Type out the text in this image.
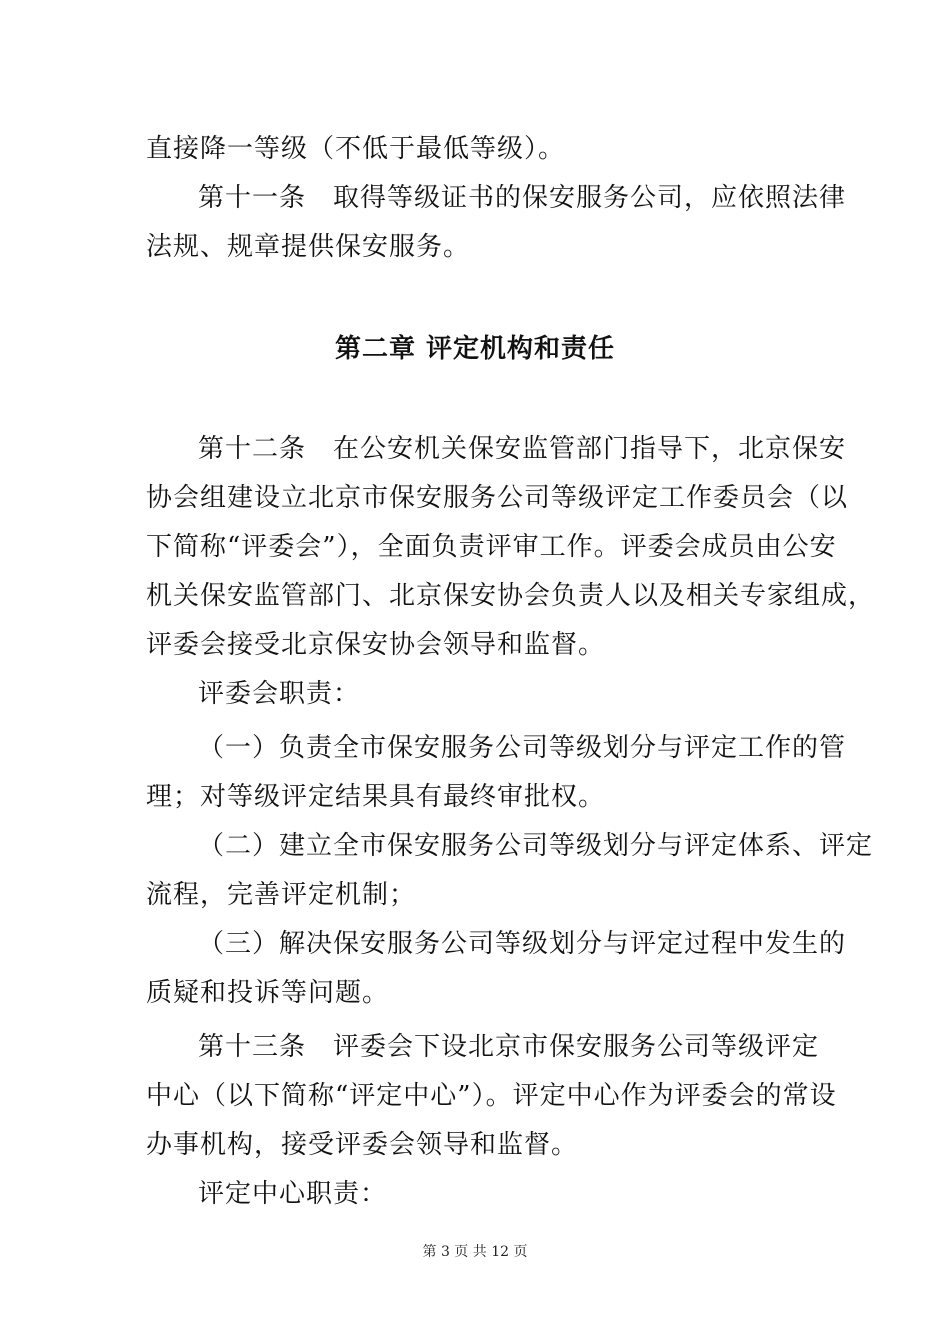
直接降一等级（不低于最低等级）。
第十一条　取得等级证书的保安服务公司，应依照法律
法规、规章提供保安服务。
第二章 评定机构和责任
第十二条　在公安机关保安监管部门指导下，北京保安
协会组建设立北京市保安服务公司等级评定工作委员会（以
下简称“评委会”），全面负责评审工作。评委会成员由公安
机关保安监管部门、北京保安协会负责人以及相关专家组成，
评委会接受北京保安协会领导和监督。
评委会职责：
（一）负责全市保安服务公司等级划分与评定工作的管
理；对等级评定结果具有最终审批权。
（二）建立全市保安服务公司等级划分与评定体系、评定
流程，完善评定机制；
（三）解决保安服务公司等级划分与评定过程中发生的
质疑和投诉等问题。
第十三条　评委会下设北京市保安服务公司等级评定
中心（以下简称“评定中心”）。评定中心作为评委会的常设
办事机构，接受评委会领导和监督。
评定中心职责：
第 3 页 共 12 页
